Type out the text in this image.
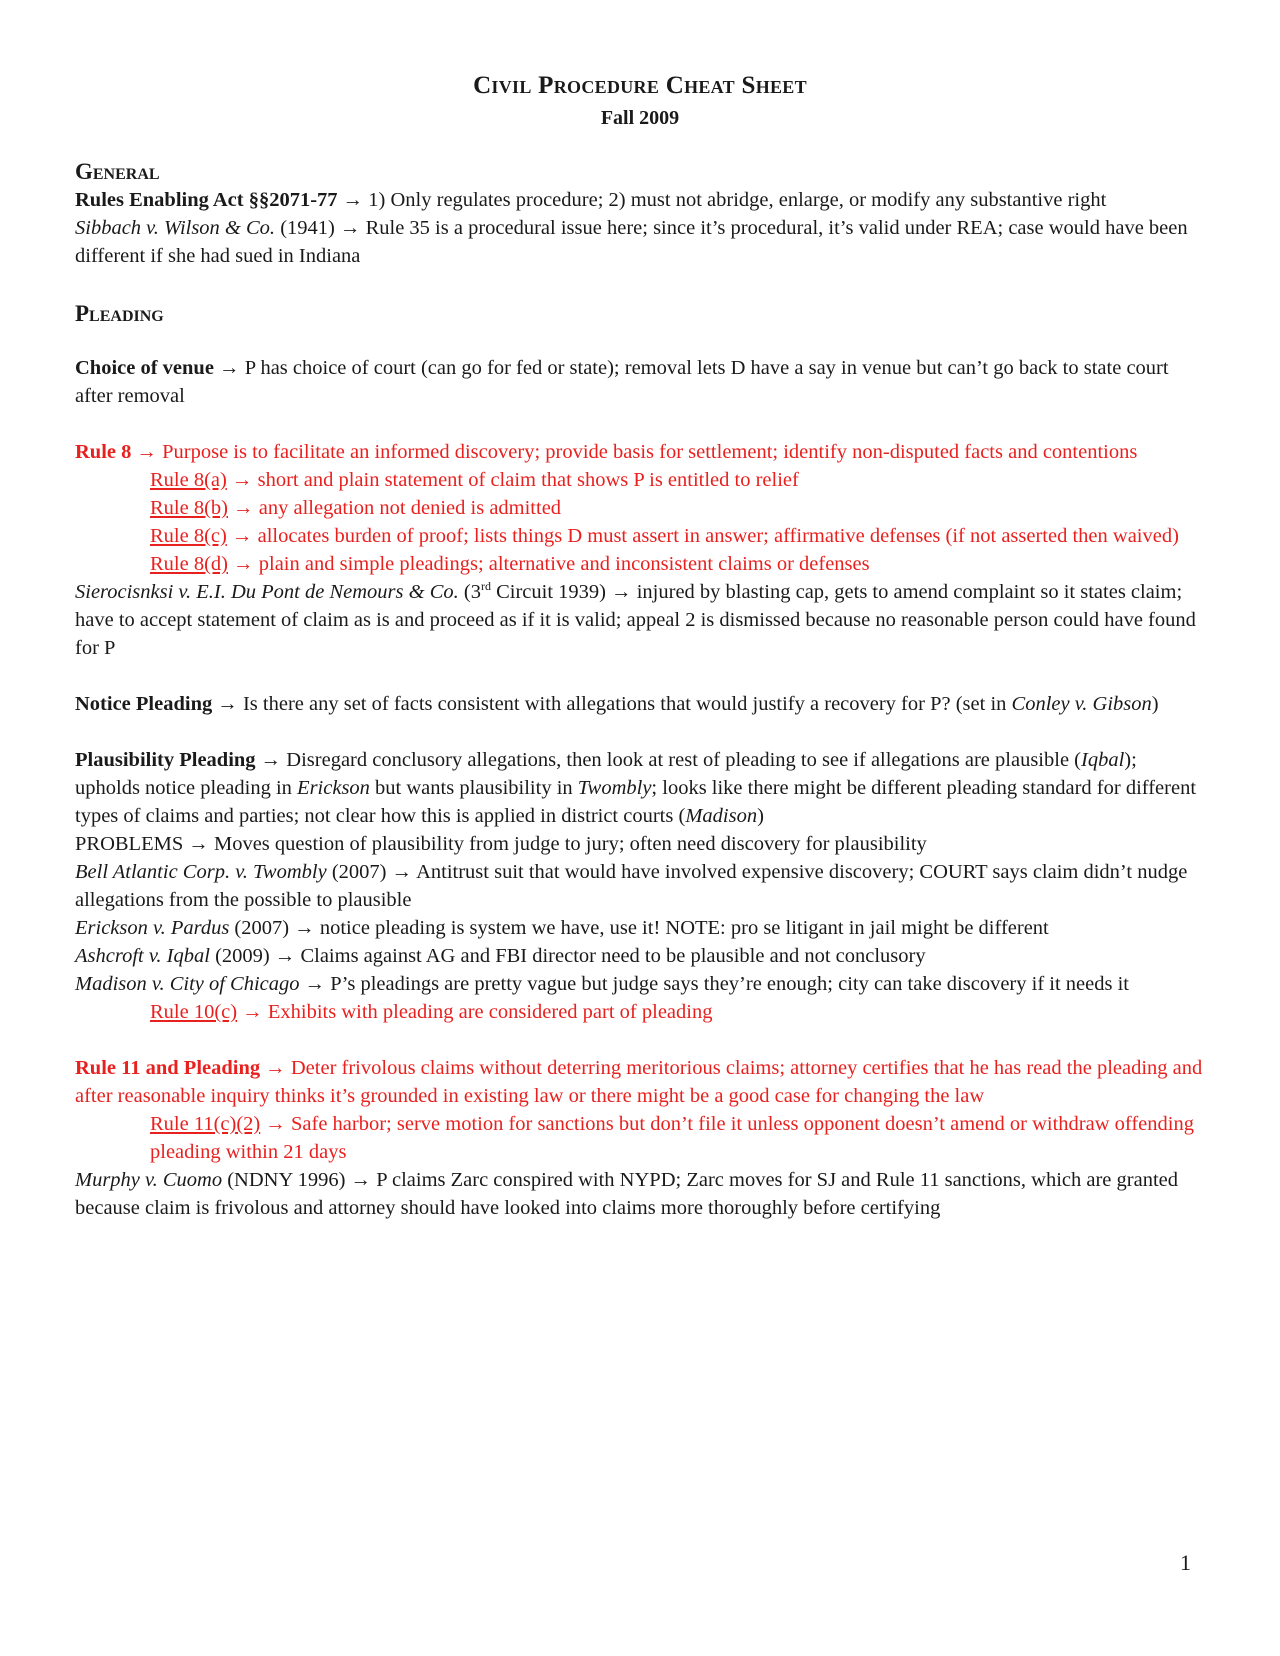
Civil Procedure Cheat Sheet

Fall 2009

General

Rules Enabling Act §§2071-77 → 1) Only regulates procedure; 2) must not abridge, enlarge, or modify any substantive right

Sibbach v. Wilson & Co. (1941) → Rule 35 is a procedural issue here; since it’s procedural, it’s valid under REA; case would have been different if she had sued in Indiana

Pleading

Choice of venue → P has choice of court (can go for fed or state); removal lets D have a say in venue but can’t go back to state court after removal

Rule 8 → Purpose is to facilitate an informed discovery; provide basis for settlement; identify non-disputed facts and contentions

Rule 8(a) → short and plain statement of claim that shows P is entitled to relief

Rule 8(b) → any allegation not denied is admitted

Rule 8(c) → allocates burden of proof; lists things D must assert in answer; affirmative defenses (if not asserted then waived)

Rule 8(d) → plain and simple pleadings; alternative and inconsistent claims or defenses

Sierocisnksi v. E.I. Du Pont de Nemours & Co. (3rd Circuit 1939) → injured by blasting cap, gets to amend complaint so it states claim; have to accept statement of claim as is and proceed as if it is valid; appeal 2 is dismissed because no reasonable person could have found for P

Notice Pleading → Is there any set of facts consistent with allegations that would justify a recovery for P? (set in Conley v. Gibson)

Plausibility Pleading → Disregard conclusory allegations, then look at rest of pleading to see if allegations are plausible (Iqbal); upholds notice pleading in Erickson but wants plausibility in Twombly; looks like there might be different pleading standard for different types of claims and parties; not clear how this is applied in district courts (Madison)

PROBLEMS → Moves question of plausibility from judge to jury; often need discovery for plausibility

Bell Atlantic Corp. v. Twombly (2007) → Antitrust suit that would have involved expensive discovery; COURT says claim didn’t nudge allegations from the possible to plausible

Erickson v. Pardus (2007) → notice pleading is system we have, use it! NOTE: pro se litigant in jail might be different

Ashcroft v. Iqbal (2009) → Claims against AG and FBI director need to be plausible and not conclusory

Madison v. City of Chicago → P’s pleadings are pretty vague but judge says they’re enough; city can take discovery if it needs it

Rule 10(c) → Exhibits with pleading are considered part of pleading

Rule 11 and Pleading → Deter frivolous claims without deterring meritorious claims; attorney certifies that he has read the pleading and after reasonable inquiry thinks it’s grounded in existing law or there might be a good case for changing the law

Rule 11(c)(2) → Safe harbor; serve motion for sanctions but don’t file it unless opponent doesn’t amend or withdraw offending pleading within 21 days

Murphy v. Cuomo (NDNY 1996) → P claims Zarc conspired with NYPD; Zarc moves for SJ and Rule 11 sanctions, which are granted because claim is frivolous and attorney should have looked into claims more thoroughly before certifying

1
